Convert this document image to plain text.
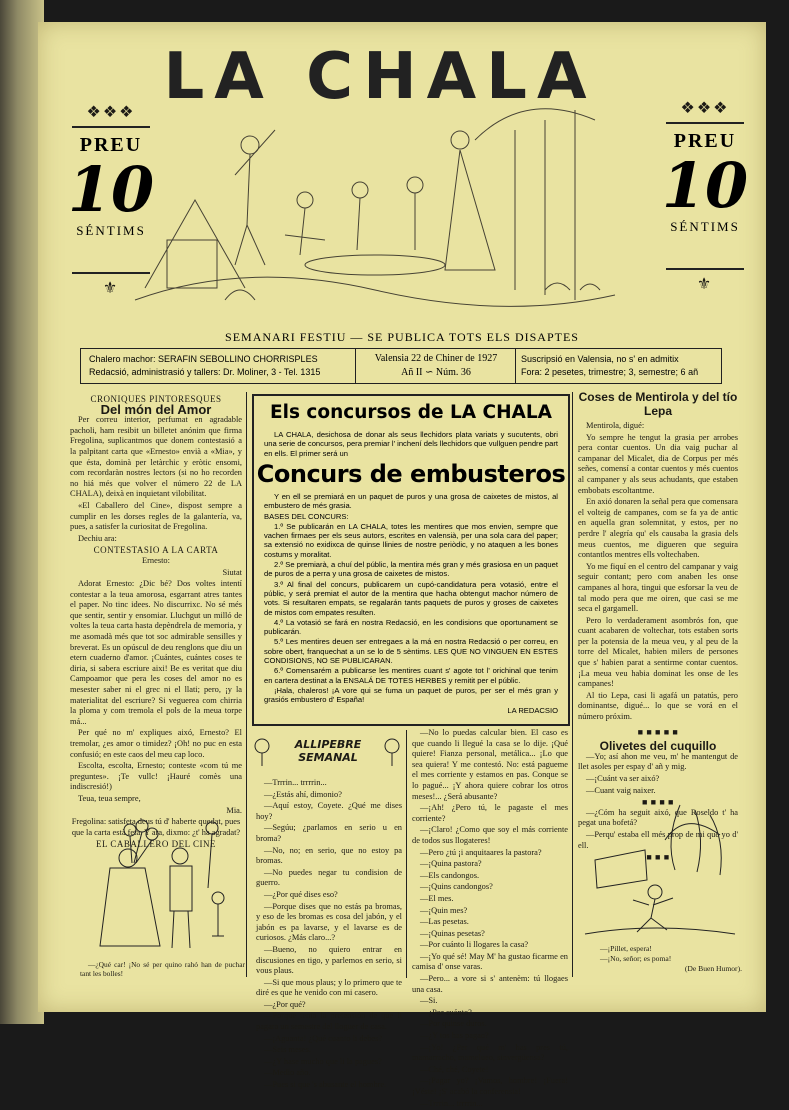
LA CHALA
❖❖❖
PREU
10
SÉNTIMS
⚜
❖❖❖
PREU
10
SÉNTIMS
⚜
SEMANARI FESTIU — SE PUBLICA TOTS ELS DISAPTES
Chalero machor: SERAFIN SEBOLLINO CHORRISPLES
Redacsió, administrasió y tallers: Dr. Moliner, 3 - Tel. 1315
Valensia 22 de Chiner de 1927
Añ II ∽ Núm. 36
Suscripsió en Valensia, no s' en admitix
Fora: 2 pesetes, trimestre; 3, semestre; 6 añ
CRONIQUES PINTORESQUES
Del món del Amor

Per correu interior, perfumat en agradable pacholi, ham resibit un billetet anónim que firma Fregolina, suplicantmos que donem contestasió a la palpitant carta que «Ernesto» envià a «Mia», y que ésta, dominà per letàrchic y eròtic ensomi, com recordaràn nostres lectors (si no ho recorden no hiá més que volver el número 22 de LA CHALA), deixà en inquietant vilobilitat.

«El Caballero del Cine», dispost sempre a cumplir en les dorses regles de la galantería, va, pues, a satisfer la curiositat de Fregolina.

Dechiu ara:

CONTESTASIO A LA CARTA

Ernesto:

Siutat

Adorat Ernesto: ¿Dic bé? Dos voltes intentí contestar a la teua amorosa, esgarrant atres tantes el paper. No tinc idees. No discurrixc. No sé més que sentir, sentir y ensomiar. Lluchgut un milló de voltes la teua carta hasta depèndrela de memoria, y me asomadà més que tot soc admirable sensilles y breverat. Es un opúscul de deu renglons que diu un etern cuaderno d'amor. ¡Cuántes, cuántes coses te diria, si sabera escriure aixi! Be es veritat que diu Campoamor que pera les coses del amor no es mesester saber ni el grec ni el llati; pero, ¡y la materialitat del escriure? Si veguerea com chirria la ploma y com tremola el pols de la meua torpe má...

Per qué no m' expliques aixó, Ernesto? El tremolar, ¿es amor o timidez? ¡Oh! no puc en esta confusió; en este caos del meu cap loco.

Escolta, escolta, Ernesto; conteste «com tú me preguntes». ¡Te vullc! ¡Hauré comès una indiscresió!)

Teua, teua sempre,

Mia.

Fregolina: satisfeta deus tú d' haberte quedat, pues que la carta està feta. Y ara, dixmo: ¿t' ha agradat?

EL CABALLERO DEL CINE

—¿Qué car! ¡No sé per quino rahó han de puchar tant les bolles!

Els concursos de LA CHALA

LA CHALA, desichosa de donar als seus llechidors plata variats y sucutents, obri una serie de concursos, pera premiar l' inchení dels llechidors que vullguen pendre part en ells. El primer será un

Concurs de embusteros

Y en ell se premiará en un paquet de puros y una grosa de caixetes de mistos, al embustero de més grasia.

BASES DEL CONCURS:

1.º Se publicarán en LA CHALA, totes les mentires que mos envien, sempre que vachen firmaes per els seus autors, escrites en valensià, per una sola cara del paper; sa extensió no exidixca de quinse llinies de nostre periòdic, y no ataquen a les bones costums y moralitat.

2.º Se premiarà, a chuí del públic, la mentira més gran y més grasiosa en un paquet de puros de a perra y una grosa de caixetes de mistos.

3.º Al final del concurs, publicarem un cupó-candidatura pera votasió, entre el públic, y será premiat el autor de la mentira que hacha obtengut machor número de vots. Si resultaren empats, se regalarán tants paquets de puros y groses de caixetes de mistos com empates resulten.

4.º La votasió se fará en nostra Redacsió, en les condisions que oportunament se publicarán.

5.º Les mentires deuen ser entregaes a la má en nostra Redacsió o per correu, en sobre obert, franquechat a un se lo de 5 sèntims. LES QUE NO VINGUEN EN ESTES CONDISIONS, NO SE PUBLICARAN.

6.º Comensarém a publicarse les mentires cuant s' agote tot l' orichinal que tenim en cartera destinat a la ENSALÁ DE TOTES HERBES y remitit per el públic.

¡Hala, chaleros! ¡A vore qui se fuma un paquet de puros, per ser el més gran y grasiós embustero d' España!

LA REDACSIO

ALLIPEBRE SEMANAL

—Trrrin... trrrrin...

—¿Estás ahí, dimonio?

—Aquí estoy, Coyete. ¿Qué me dises hoy?

—Segúu; ¿parlamos en serio u en broma?

—No, no; en serio, que no estoy pa bromas.

—No puedes negar tu condision de guerro.

—¿Por qué dises eso?

—Porque dises que no estás pa bromas, y eso de les bromas es cosa del jabón, y el jabón es pa lavarse, y el lavarse es de curiosos. ¿Más claro...?

—Bueno, no quiero entrar en discusiones en tigo, y parlemos en serio, si vous plaus.

—Si que mous plaus; y lo primero que te diré es que he venido con mi casero.

—¿Por qué?

—Porque tenia la pretensión de que li pagara un semestre del lloguer de casa.

—¡Aguanta! ¿Qué cuanto li debes?

—Seis meses.

—¿Y hase mucho que li la pagues?

—Medio año.

—Pues si que 's abusante el hombre.

—No lo puedas calcular bien. El caso es que cuando li llegué la casa se lo dije. ¡Qué quiere! Fianza personal, metálica... ¡Lo que sea quiera! Y me contestó. No: está pagueme el mes corriente y estamos en pas. Conque se lo pagué... ¡Y ahora quiere cobrar los otros meses!... ¿Será abusante?

—¡Ah! ¿Pero tú, le pagaste el mes corriente?

—¡Claro! ¿Como que soy el más corriente de todos sus llogateres!

—Pero ¿tú ¡i anquitaares la pastora?

—¡Quina pastora?

—Els candongos.

—¡Quins candongos?

—El mes.

—¡Quin mes?

—Las pesetas.

—¡Quinas pesetas?

—Por cuánto li llogares la casa?

—¡Yo qué sé! May M' ha gustao ficarme en camisa d' onse varas.

—Pero... a vore si s' antenèm: tú llogaes una casa.

—Si.

—¿Por cuánto?

—Por quinse duros.

—¿Y tos has pagao?

—¡Yo! ¿Per qué m' has pres tú, mamarracho, mamelueo, sinvergüensa?

—Ché, ché, Coyete!

—¡Pagar yo? ¡Vamos, hombre! ¡Fuera! ¡Véste! ¡S' acabó la conferensia!

—Trrrin... trrrrin...

Coses de Mentirola y del tío Lepa

Mentirola, digué:

Yo sempre he tengut la grasia per arrobes pera contar cuentos. Un dia vaig puchar al campanar del Micalet, dia de Corpus per més señes, comensí a contar cuentos y més cuentos al campaner y als seus achudants, que estaben embobats escoltantme.

En axió donaren la señal pera que comensara el volteig de campanes, com se fa ya de antic en aquella gran solemnitat, y estos, per no perdre l' alegría qu' els causaba la grasia dels meus cuentos, me digueren que seguira contantlos mentres ells voltechaben.

Yo me fiquí en el centro del campanar y vaig seguir contant; pero com anaben les onse campanes al hora, tingui que esforsar la veu de tal modo pera que me oiren, que casi se me seca el gargamell.

Pero lo verdaderament asombrós fon, que cuant acabaren de voltechar, tots estaben sorts per la potensia de la meua veu, y al peu de la torre del Micalet, habien milers de persones que s' habien parat a sentirme contar cuentos. ¡La meua veu habia dominat les onse de les campanes!

Al tio Lepa, casi li agafá un patatús, pero dominantse, digué... lo que se vorá en el número próxim.

■ ■ ■ ■ ■
Olivetes del cuquillo

—Yo; así ahon me veu, m' he mantengut de llet asoles per espay d' añ y mig.

—¡Cuánt va ser aixó?

—Cuant vaig naixer.

■ ■ ■ ■

—¿Cóm ha seguit aixó, que Roseldo t' ha pegat una bofetá?

—Perqu' estaba ell més prop de mi que yo d' ell.

■ ■ ■

—¡Pillet, espera!

—¡No, señor; es poma!

(De Buen Humor).
